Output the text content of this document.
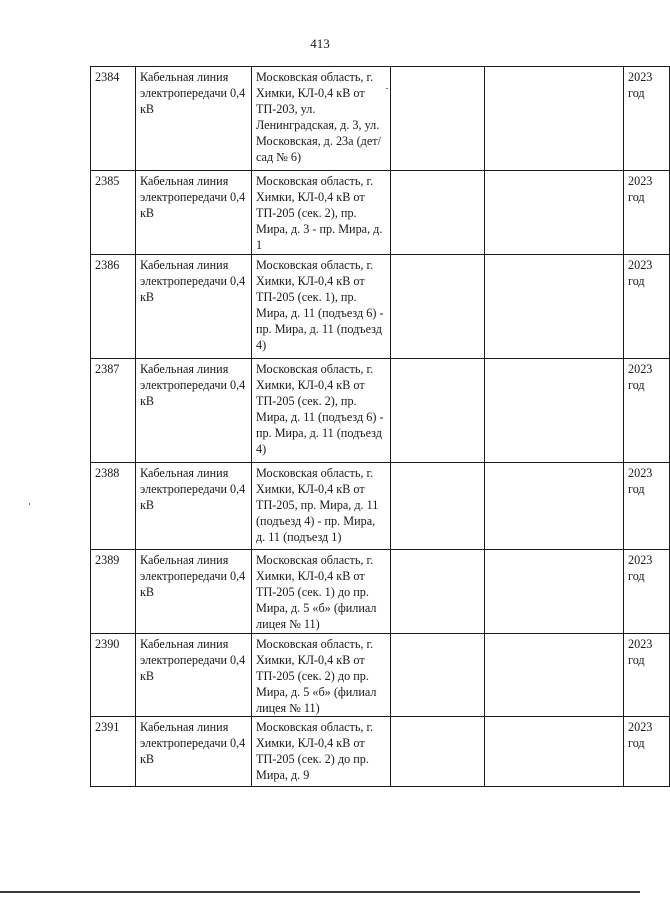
413
2384	Кабельная линия электропередачи 0,4 кВ	Московская область, г. Химки, КЛ-0,4 кВ от ТП-203, ул. Ленинградская, д. 3, ул. Московская, д. 23а (дет/сад № 6)			2023 год
2385	Кабельная линия электропередачи 0,4 кВ	Московская область, г. Химки, КЛ-0,4 кВ от ТП-205 (сек. 2), пр. Мира, д. 3 - пр. Мира, д. 1			2023 год
2386	Кабельная линия электропередачи 0,4 кВ	Московская область, г. Химки, КЛ-0,4 кВ от ТП-205 (сек. 1), пр. Мира, д. 11 (подъезд 6) - пр. Мира, д. 11 (подъезд 4)			2023 год
2387	Кабельная линия электропередачи 0,4 кВ	Московская область, г. Химки, КЛ-0,4 кВ от ТП-205 (сек. 2), пр. Мира, д. 11 (подъезд 6) - пр. Мира, д. 11 (подъезд 4)			2023 год
2388	Кабельная линия электропередачи 0,4 кВ	Московская область, г. Химки, КЛ-0,4 кВ от ТП-205, пр. Мира, д. 11 (подъезд 4) - пр. Мира, д. 11 (подъезд 1)			2023 год
2389	Кабельная линия электропередачи 0,4 кВ	Московская область, г. Химки, КЛ-0,4 кВ от ТП-205 (сек. 1) до пр. Мира, д. 5 «б» (филиал лицея № 11)			2023 год
2390	Кабельная линия электропередачи 0,4 кВ	Московская область, г. Химки, КЛ-0,4 кВ от ТП-205 (сек. 2) до пр. Мира, д. 5 «б» (филиал лицея № 11)			2023 год
2391	Кабельная линия электропередачи 0,4 кВ	Московская область, г. Химки, КЛ-0,4 кВ от ТП-205 (сек. 2) до пр. Мира, д. 9			2023 год
